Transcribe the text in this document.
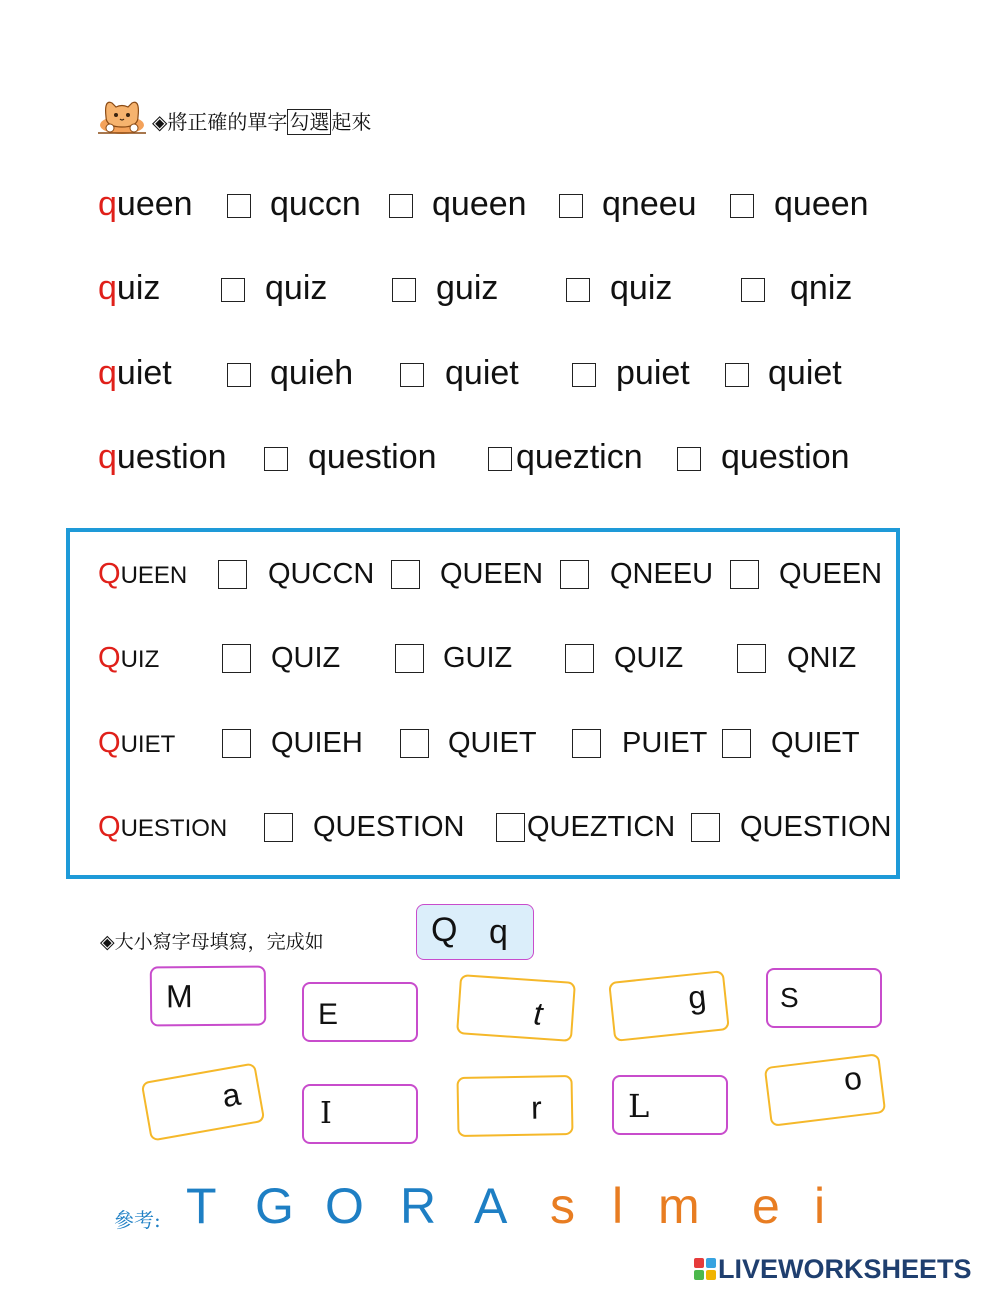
◈將正確的單字 勾選 起來
queen quccn queen qneeu queen
quiz	quiz	guiz	quiz	qniz
quiet	quieh	quiet	puiet quiet
question question quezticn question
QUEEN	QUCCN QUEEN QNEEU QUEEN
QUIZ	QUIZ	GUIZ	QUIZ	QNIZ
QUIET	QUIEH	QUIET	PUIET QUIET
QUESTION	QUESTION QUEZTICN QUESTION
◈大小寫字母填寫，完成如	Q q
M
E	t	g	S
a	I	r	L
o
參考: T G O R A s l m e i
LIVEWORKSHEETS
